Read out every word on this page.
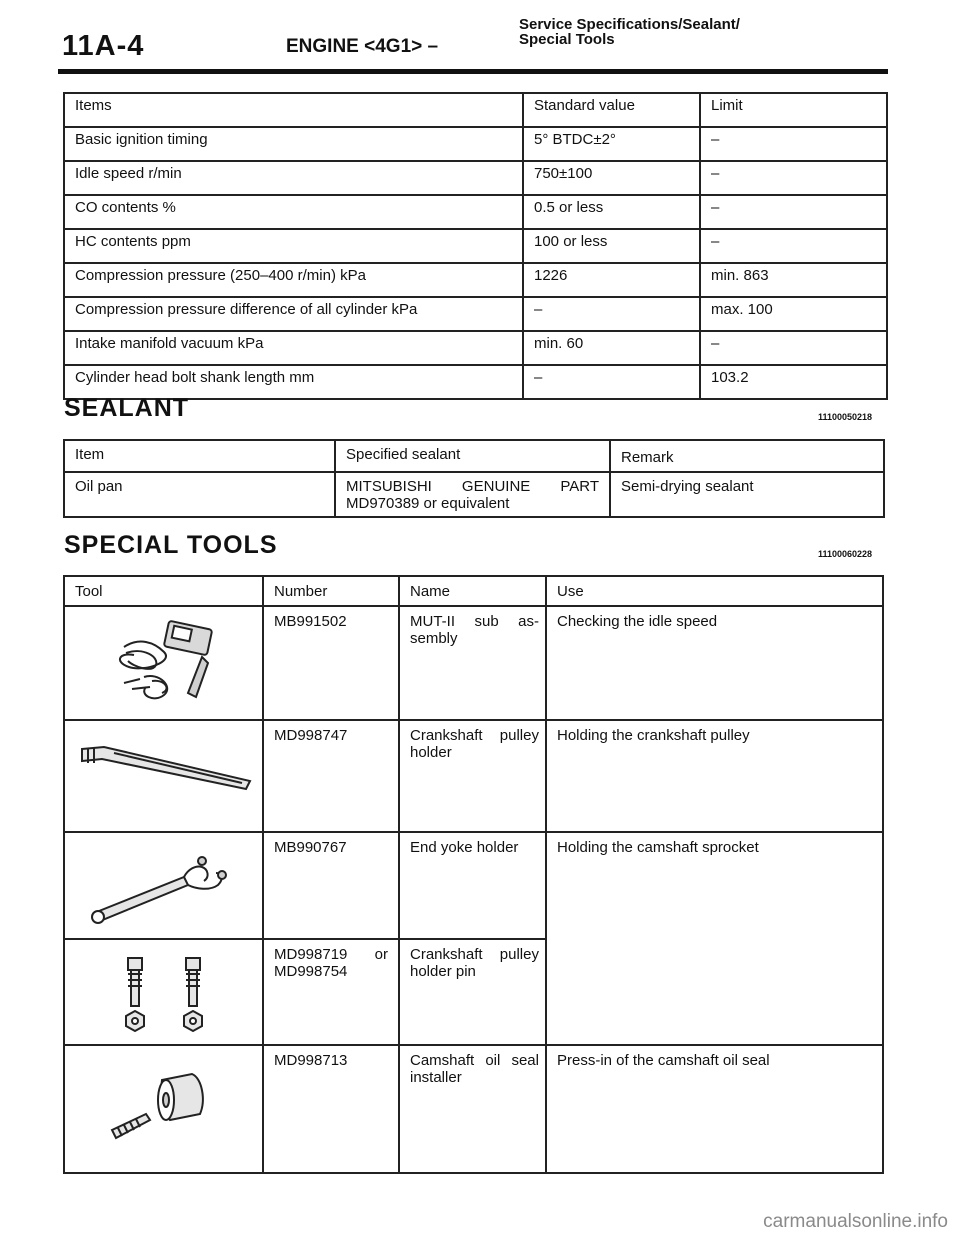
11A-4	ENGINE <4G1> –
Service Specifications/Sealant/
Special Tools
Items	Standard value	Limit
Basic ignition timing	5° BTDC±2°	–
Idle speed r/min	750±100	–
CO contents %	0.5 or less	–
HC contents ppm	100 or less	–
Compression pressure (250–400 r/min) kPa	1226	min. 863
Compression pressure difference of all cylinder kPa	–	max. 100
Intake manifold vacuum kPa	min. 60	–
Cylinder head bolt shank length mm	–	103.2
SEALANT	11100050218
Item	Specified sealant	Remark
Oil pan	MITSUBISHI GENUINE PART MD970389 or equivalent	Semi-drying sealant
SPECIAL TOOLS	11100060228
Tool	Number	Name	Use

	MB991502	MUT-II sub as-sembly	Checking the idle speed

	MD998747	Crankshaft pulley holder	Holding the crankshaft pulley

	MB990767	End yoke holder	Holding the camshaft sprocket

	MD998719 or MD998754	Crankshaft pulley holder pin	

	MD998713	Camshaft oil seal installer	Press-in of the camshaft oil seal
carmanualsonline.info
